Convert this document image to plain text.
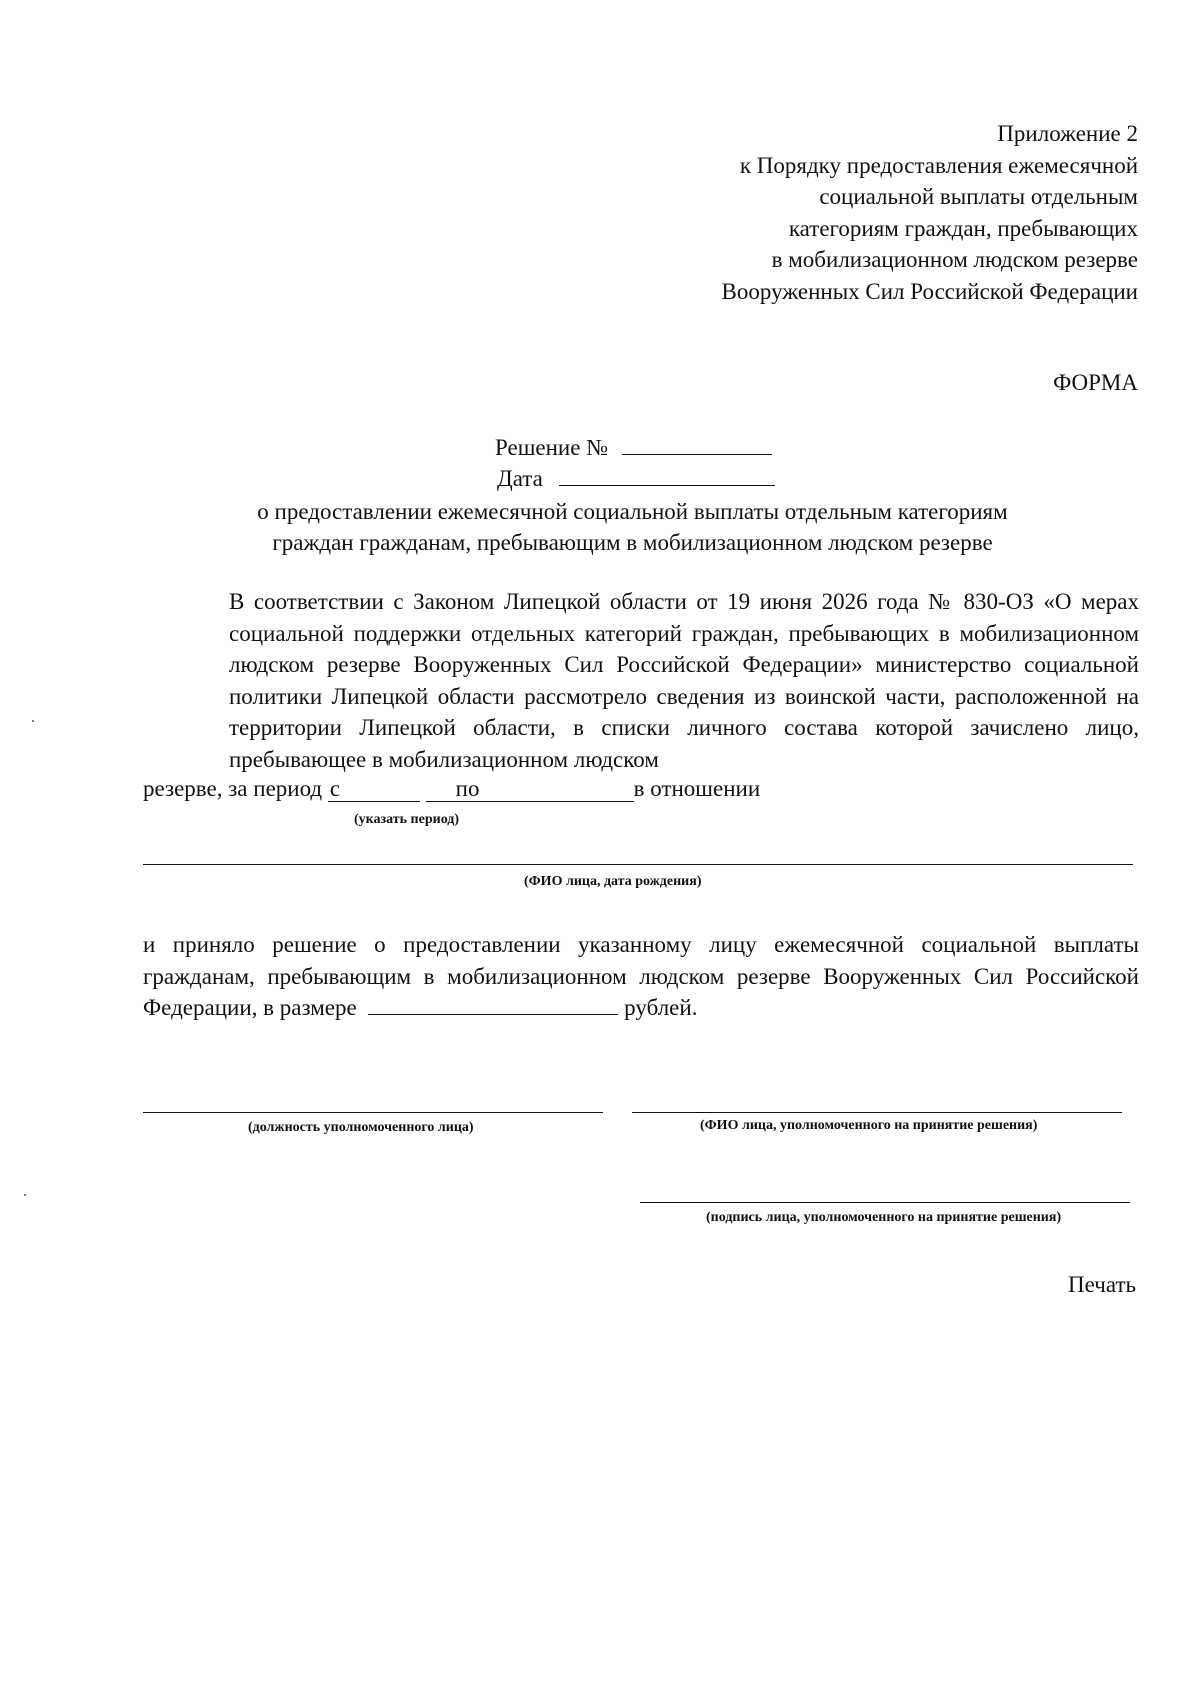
Приложение 2
к Порядку предоставления ежемесячной
социальной выплаты отдельным
категориям граждан, пребывающих
в мобилизационном людском резерве
Вооруженных Сил Российской Федерации
ФОРМА
Решение №
Дата
о предоставлении ежемесячной социальной выплаты отдельным категориям
граждан гражданам, пребывающим в мобилизационном людском резерве
В соответствии с Законом Липецкой области от 19 июня 2026 года № 830-ОЗ «О мерах социальной поддержки отдельных категорий граждан, пребывающих в мобилизационном людском резерве Вооруженных Сил Российской Федерации» министерство социальной политики Липецкой области рассмотрело сведения из воинской части, расположенной на территории Липецкой области, в списки личного состава которой зачислено лицо, пребывающее в мобилизационном людском
резерве, за период с
	по	в отношении
(указать период)
(ФИО лица, дата рождения)
и приняло решение о предоставлении указанному лицу ежемесячной социальной выплаты гражданам, пребывающим в мобилизационном людском резерве Вооруженных Сил Российской Федерации, в размере	рублей.
(должность уполномоченного лица)	(ФИО лица, уполномоченного на принятие решения)
(подпись лица, уполномоченного на принятие решения)
Печать
